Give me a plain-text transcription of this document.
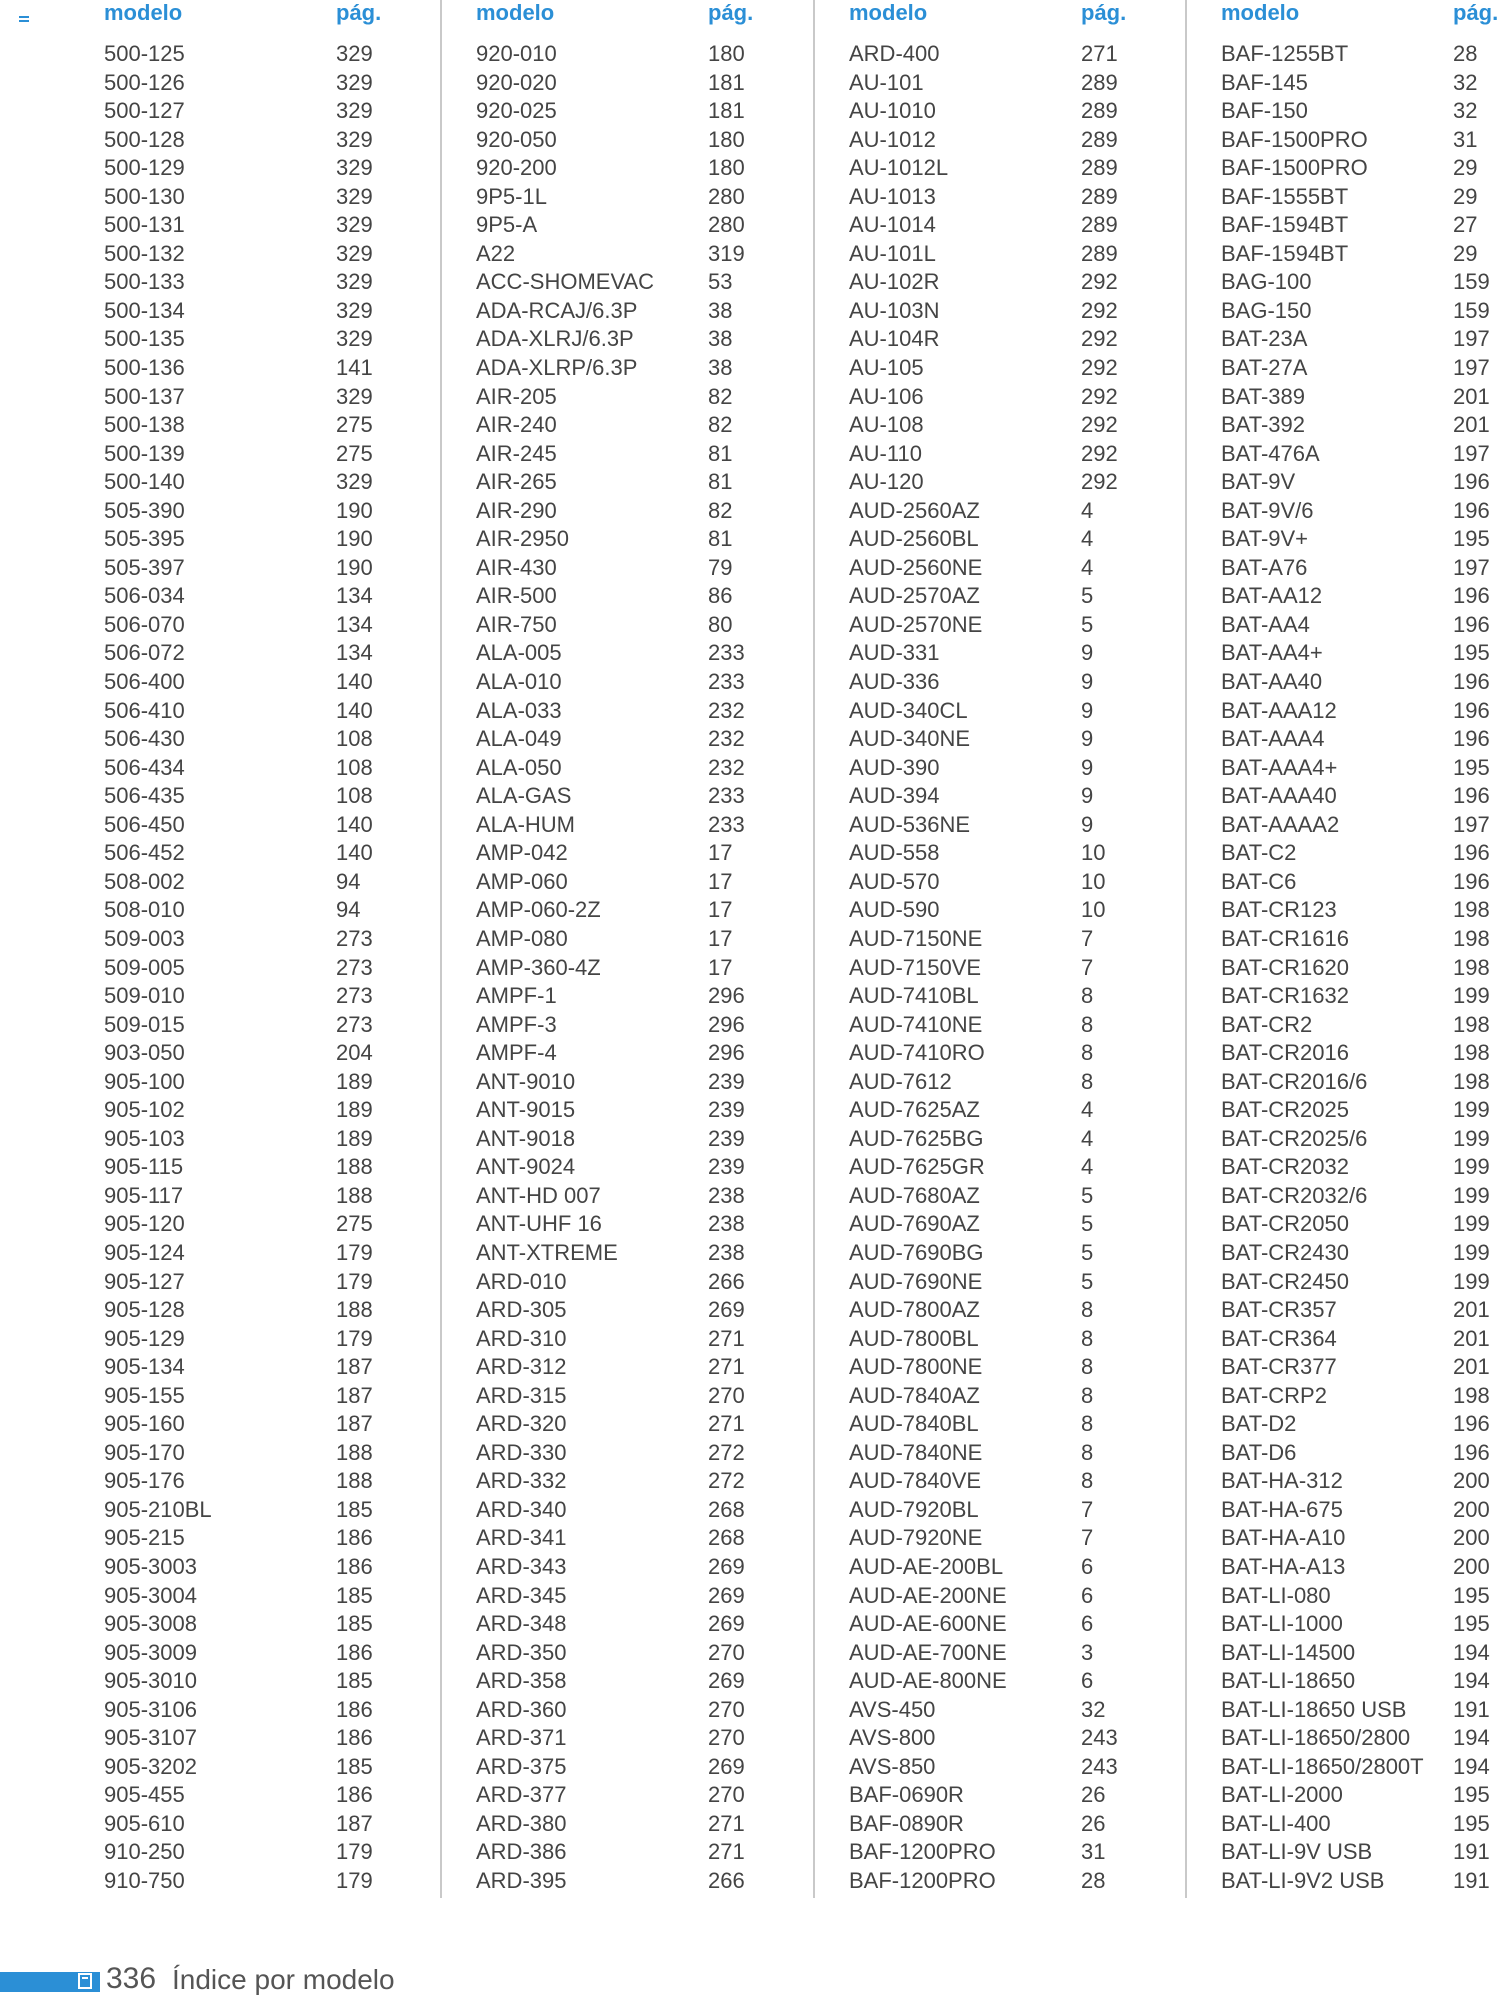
modelo	pág.
500-125	329
500-126	329
500-127	329
500-128	329
500-129	329
500-130	329
500-131	329
500-132	329
500-133	329
500-134	329
500-135	329
500-136	141
500-137	329
500-138	275
500-139	275
500-140	329
505-390	190
505-395	190
505-397	190
506-034	134
506-070	134
506-072	134
506-400	140
506-410	140
506-430	108
506-434	108
506-435	108
506-450	140
506-452	140
508-002	94
508-010	94
509-003	273
509-005	273
509-010	273
509-015	273
903-050	204
905-100	189
905-102	189
905-103	189
905-115	188
905-117	188
905-120	275
905-124	179
905-127	179
905-128	188
905-129	179
905-134	187
905-155	187
905-160	187
905-170	188
905-176	188
905-210BL	185
905-215	186
905-3003	186
905-3004	185
905-3008	185
905-3009	186
905-3010	185
905-3106	186
905-3107	186
905-3202	185
905-455	186
905-610	187
910-250	179
910-750	179
modelo	pág.
920-010	180
920-020	181
920-025	181
920-050	180
920-200	180
9P5-1L	280
9P5-A	280
A22	319
ACC-SHOMEVAC 53
ADA-RCAJ/6.3P	38
ADA-XLRJ/6.3P	38
ADA-XLRP/6.3P	38
AIR-205	82
AIR-240	82
AIR-245	81
AIR-265	81
AIR-290	82
AIR-2950	81
AIR-430	79
AIR-500	86
AIR-750	80
ALA-005	233
ALA-010	233
ALA-033	232
ALA-049	232
ALA-050	232
ALA-GAS	233
ALA-HUM	233
AMP-042	17
AMP-060	17
AMP-060-2Z	17
AMP-080	17
AMP-360-4Z	17
AMPF-1	296
AMPF-3	296
AMPF-4	296
ANT-9010	239
ANT-9015	239
ANT-9018	239
ANT-9024	239
ANT-HD 007	238
ANT-UHF 16	238
ANT-XTREME	238
ARD-010	266
ARD-305	269
ARD-310	271
ARD-312	271
ARD-315	270
ARD-320	271
ARD-330	272
ARD-332	272
ARD-340	268
ARD-341	268
ARD-343	269
ARD-345	269
ARD-348	269
ARD-350	270
ARD-358	269
ARD-360	270
ARD-371	270
ARD-375	269
ARD-377	270
ARD-380	271
ARD-386	271
ARD-395	266
modelo	pág.
ARD-400	271
AU-101	289
AU-1010	289
AU-1012	289
AU-1012L	289
AU-1013	289
AU-1014	289
AU-101L	289
AU-102R	292
AU-103N	292
AU-104R	292
AU-105	292
AU-106	292
AU-108	292
AU-110	292
AU-120	292
AUD-2560AZ	4
AUD-2560BL	4
AUD-2560NE	4
AUD-2570AZ	5
AUD-2570NE	5
AUD-331	9
AUD-336	9
AUD-340CL	9
AUD-340NE	9
AUD-390	9
AUD-394	9
AUD-536NE	9
AUD-558	10
AUD-570	10
AUD-590	10
AUD-7150NE	7
AUD-7150VE	7
AUD-7410BL	8
AUD-7410NE	8
AUD-7410RO	8
AUD-7612	8
AUD-7625AZ	4
AUD-7625BG	4
AUD-7625GR	4
AUD-7680AZ	5
AUD-7690AZ	5
AUD-7690BG	5
AUD-7690NE	5
AUD-7800AZ	8
AUD-7800BL	8
AUD-7800NE	8
AUD-7840AZ	8
AUD-7840BL	8
AUD-7840NE	8
AUD-7840VE	8
AUD-7920BL	7
AUD-7920NE	7
AUD-AE-200BL	6
AUD-AE-200NE	6
AUD-AE-600NE	6
AUD-AE-700NE	3
AUD-AE-800NE	6
AVS-450	32
AVS-800	243
AVS-850	243
BAF-0690R	26
BAF-0890R	26
BAF-1200PRO	31
BAF-1200PRO	28
modelo	pág.
BAF-1255BT	28
BAF-145	32
BAF-150	32
BAF-1500PRO	31
BAF-1500PRO	29
BAF-1555BT	29
BAF-1594BT	27
BAF-1594BT	29
BAG-100	159
BAG-150	159
BAT-23A	197
BAT-27A	197
BAT-389	201
BAT-392	201
BAT-476A	197
BAT-9V	196
BAT-9V/6	196
BAT-9V+	195
BAT-A76	197
BAT-AA12	196
BAT-AA4	196
BAT-AA4+	195
BAT-AA40	196
BAT-AAA12	196
BAT-AAA4	196
BAT-AAA4+	195
BAT-AAA40	196
BAT-AAAA2	197
BAT-C2	196
BAT-C6	196
BAT-CR123	198
BAT-CR1616	198
BAT-CR1620	198
BAT-CR1632	199
BAT-CR2	198
BAT-CR2016	198
BAT-CR2016/6	198
BAT-CR2025	199
BAT-CR2025/6	199
BAT-CR2032	199
BAT-CR2032/6	199
BAT-CR2050	199
BAT-CR2430	199
BAT-CR2450	199
BAT-CR357	201
BAT-CR364	201
BAT-CR377	201
BAT-CRP2	198
BAT-D2	196
BAT-D6	196
BAT-HA-312	200
BAT-HA-675	200
BAT-HA-A10	200
BAT-HA-A13	200
BAT-LI-080	195
BAT-LI-1000	195
BAT-LI-14500	194
BAT-LI-18650	194
BAT-LI-18650 USB 191
BAT-LI-18650/2800 194
BAT-LI-18650/2800T 194
BAT-LI-2000	195
BAT-LI-400	195
BAT-LI-9V USB	191
BAT-LI-9V2 USB	191
336 Índice por modelo
